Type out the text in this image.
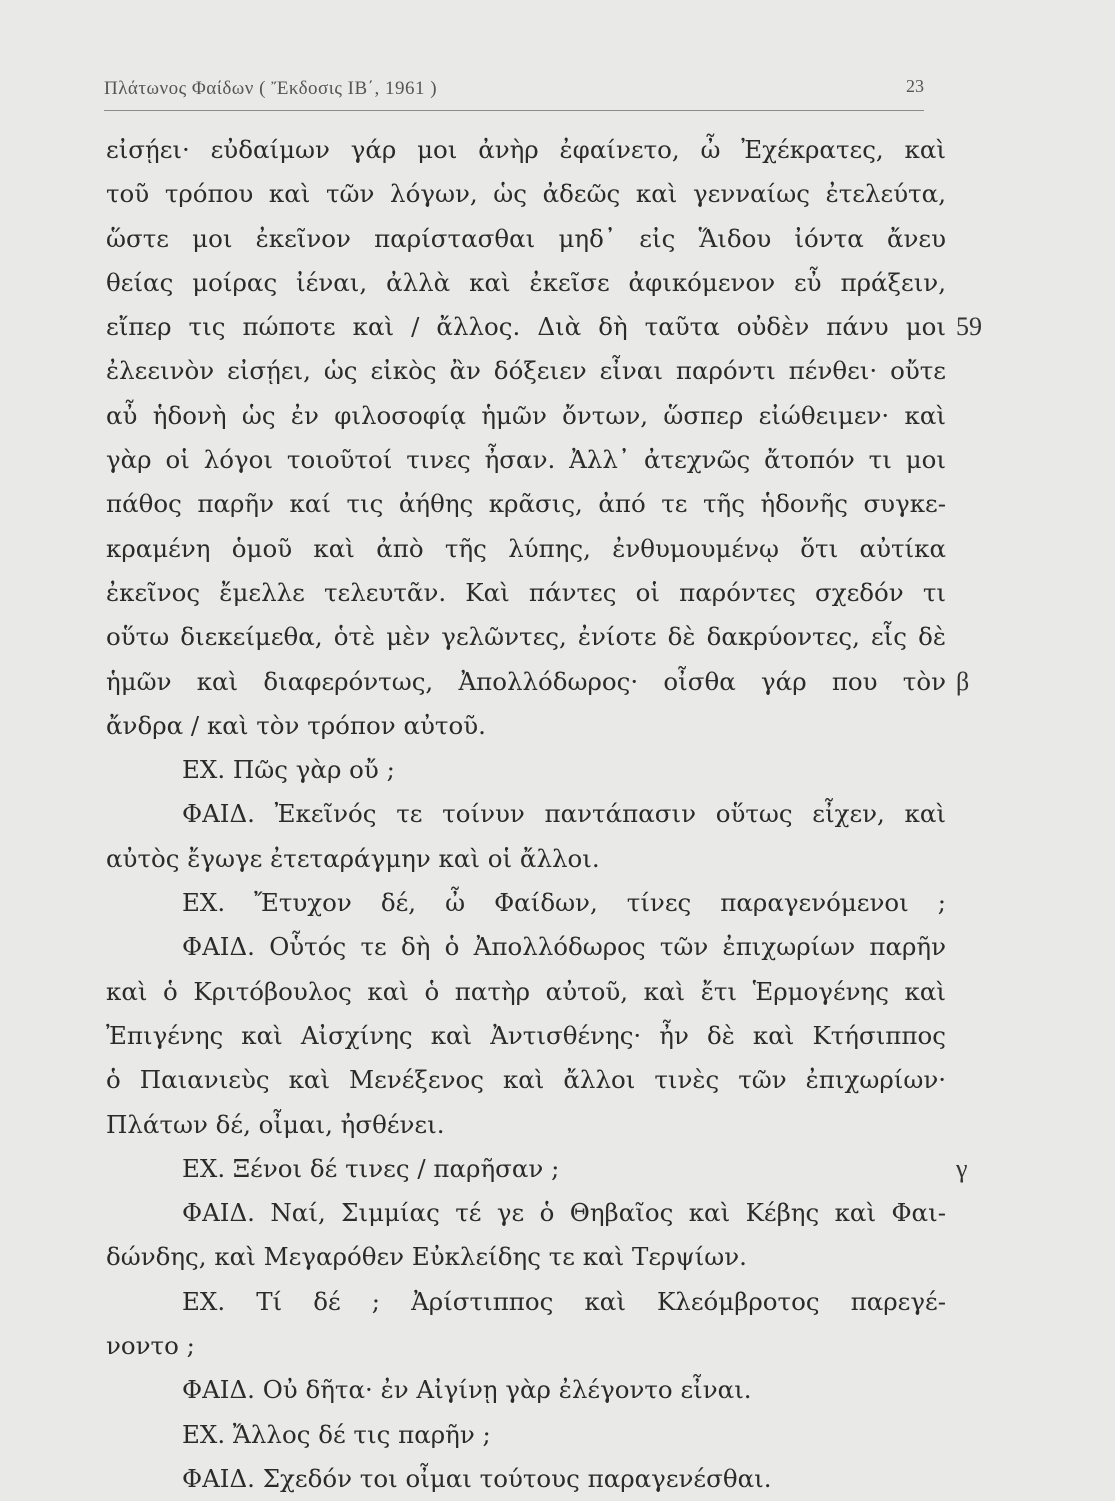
Πλάτωνος Φαίδων ( Ἔκδοσις ΙΒ΄, 1961 )	23
εἰσῄει· εὐδαίμων γάρ μοι ἀνὴρ ἐφαίνετο, ὦ Ἐχέκρατες, καὶ
τοῦ τρόπου καὶ τῶν λόγων, ὡς ἀδεῶς καὶ γενναίως ἐτελεύτα,
ὥστε μοι ἐκεῖνον παρίστασθαι μηδ᾽ εἰς Ἅιδου ἰόντα ἄνευ
θείας μοίρας ἰέναι, ἀλλὰ καὶ ἐκεῖσε ἀφικόμενον εὖ πράξειν,
εἴπερ τις πώποτε καὶ / ἄλλος. Διὰ δὴ ταῦτα οὐδὲν πάνυ μοι
ἐλεεινὸν εἰσῄει, ὡς εἰκὸς ἂν δόξειεν εἶναι παρόντι πένθει· οὔτε
αὖ ἡδονὴ ὡς ἐν φιλοσοφίᾳ ἡμῶν ὄντων, ὥσπερ εἰώθειμεν· καὶ
γὰρ οἱ λόγοι τοιοῦτοί τινες ἦσαν. Ἀλλ᾽ ἀτεχνῶς ἄτοπόν τι μοι
πάθος παρῆν καί τις ἀήθης κρᾶσις, ἀπό τε τῆς ἡδονῆς συγκε-
κραμένη ὁμοῦ καὶ ἀπὸ τῆς λύπης, ἐνθυμουμένῳ ὅτι αὐτίκα
ἐκεῖνος ἔμελλε τελευτᾶν. Καὶ πάντες οἱ παρόντες σχεδόν τι
οὕτω διεκείμεθα, ὁτὲ μὲν γελῶντες, ἐνίοτε δὲ δακρύοντες, εἷς δὲ
ἡμῶν καὶ διαφερόντως, Ἀπολλόδωρος· οἶσθα γάρ που τὸν
ἄνδρα / καὶ τὸν τρόπον αὐτοῦ.
ΕΧ. Πῶς γὰρ οὔ ;
ΦΑΙΔ. Ἐκεῖνός τε τοίνυν παντάπασιν οὕτως εἶχεν, καὶ
αὐτὸς ἔγωγε ἐτεταράγμην καὶ οἱ ἄλλοι.
ΕΧ. Ἔτυχον δέ, ὦ Φαίδων, τίνες παραγενόμενοι ;
ΦΑΙΔ. Οὗτός τε δὴ ὁ Ἀπολλόδωρος τῶν ἐπιχωρίων παρῆν
καὶ ὁ Κριτόβουλος καὶ ὁ πατὴρ αὐτοῦ, καὶ ἔτι Ἑρμογένης καὶ
Ἐπιγένης καὶ Αἰσχίνης καὶ Ἀντισθένης· ἦν δὲ καὶ Κτήσιππος
ὁ Παιανιεὺς καὶ Μενέξενος καὶ ἄλλοι τινὲς τῶν ἐπιχωρίων·
Πλάτων δέ, οἶμαι, ἠσθένει.
ΕΧ. Ξένοι δέ τινες / παρῆσαν ;
ΦΑΙΔ. Ναί, Σιμμίας τέ γε ὁ Θηβαῖος καὶ Κέβης καὶ Φαι-
δώνδης, καὶ Μεγαρόθεν Εὐκλείδης τε καὶ Τερψίων.
ΕΧ. Τί δέ ; Ἀρίστιππος καὶ Κλεόμβροτος παρεγέ-
νοντο ;
ΦΑΙΔ. Οὐ δῆτα· ἐν Αἰγίνῃ γὰρ ἐλέγοντο εἶναι.
ΕΧ. Ἄλλος δέ τις παρῆν ;
ΦΑΙΔ. Σχεδόν τοι οἶμαι τούτους παραγενέσθαι.
59
β
γ
